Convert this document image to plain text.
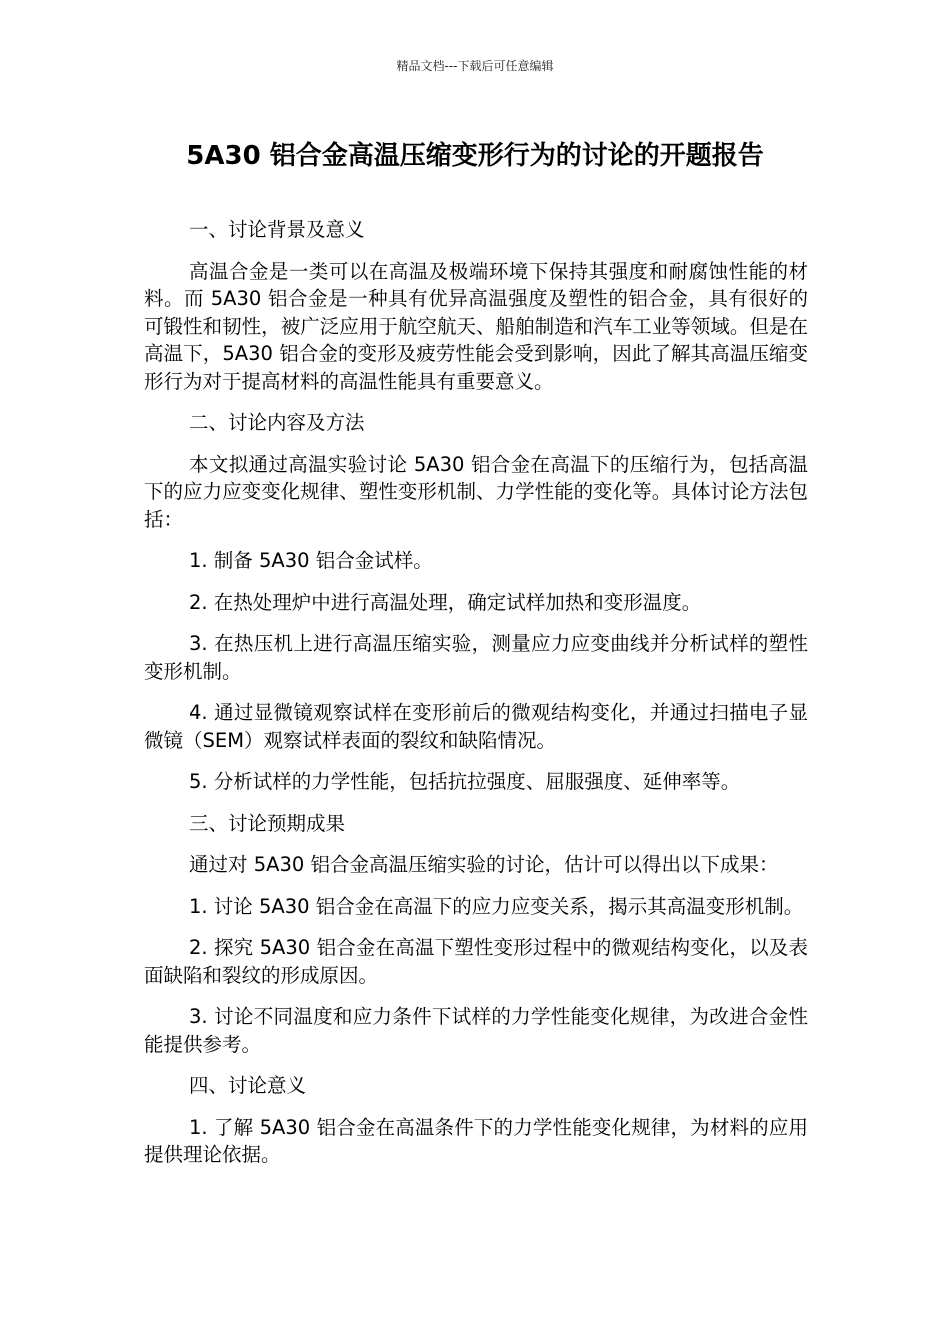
精品文档---下载后可任意编辑
5A30 铝合金高温压缩变形行为的讨论的开题报告

一、讨论背景及意义

高温合金是一类可以在高温及极端环境下保持其强度和耐腐蚀性能的材料。而 5A30 铝合金是一种具有优异高温强度及塑性的铝合金，具有很好的可锻性和韧性，被广泛应用于航空航天、船舶制造和汽车工业等领域。但是在高温下，5A30 铝合金的变形及疲劳性能会受到影响，因此了解其高温压缩变形行为对于提高材料的高温性能具有重要意义。

二、讨论内容及方法

本文拟通过高温实验讨论 5A30 铝合金在高温下的压缩行为，包括高温下的应力应变变化规律、塑性变形机制、力学性能的变化等。具体讨论方法包括：

1. 制备 5A30 铝合金试样。

2. 在热处理炉中进行高温处理，确定试样加热和变形温度。

3. 在热压机上进行高温压缩实验，测量应力应变曲线并分析试样的塑性变形机制。

4. 通过显微镜观察试样在变形前后的微观结构变化，并通过扫描电子显微镜（SEM）观察试样表面的裂纹和缺陷情况。

5. 分析试样的力学性能，包括抗拉强度、屈服强度、延伸率等。

三、讨论预期成果

通过对 5A30 铝合金高温压缩实验的讨论，估计可以得出以下成果：

1. 讨论 5A30 铝合金在高温下的应力应变关系，揭示其高温变形机制。

2. 探究 5A30 铝合金在高温下塑性变形过程中的微观结构变化，以及表面缺陷和裂纹的形成原因。

3. 讨论不同温度和应力条件下试样的力学性能变化规律，为改进合金性能提供参考。

四、讨论意义

1. 了解 5A30 铝合金在高温条件下的力学性能变化规律，为材料的应用提供理论依据。
